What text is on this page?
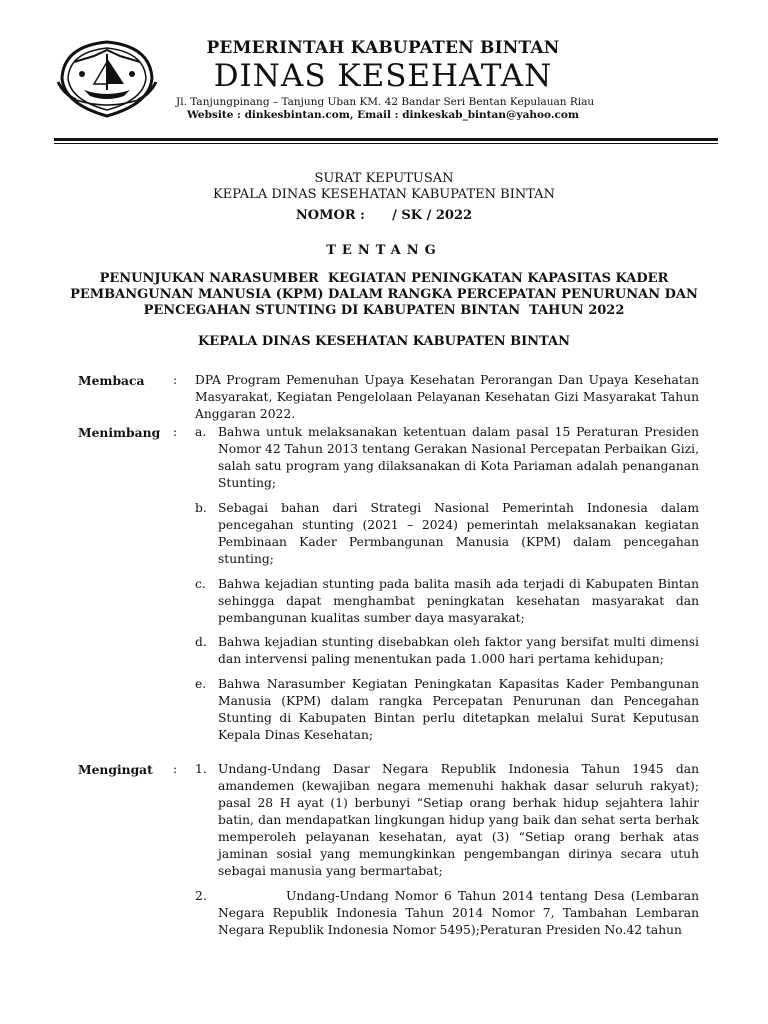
PEMERINTAH KABUPATEN BINTAN
DINAS KESEHATAN
Jl. Tanjungpinang – Tanjung Uban KM. 42 Bandar Seri Bentan Kepulauan Riau
Website : dinkesbintan.com, Email : dinkeskab_bintan@yahoo.com
SURAT KEPUTUSAN
KEPALA DINAS KESEHATAN KABUPATEN BINTAN
NOMOR :      / SK / 2022
TENTANG
PENUNJUKAN NARASUMBER  KEGIATAN PENINGKATAN KAPASITAS KADER
PEMBANGUNAN MANUSIA (KPM) DALAM RANGKA PERCEPATAN PENURUNAN DAN
PENCEGAHAN STUNTING DI KABUPATEN BINTAN  TAHUN 2022
KEPALA DINAS KESEHATAN KABUPATEN BINTAN
Membaca : DPA Program Pemenuhan Upaya Kesehatan Perorangan Dan Upaya Kesehatan Masyarakat, Kegiatan Pengelolaan Pelayanan Kesehatan Gizi Masyarakat Tahun Anggaran 2022.
Menimbang : a. Bahwa untuk melaksanakan ketentuan dalam pasal 15 Peraturan Presiden Nomor 42 Tahun 2013 tentang Gerakan Nasional Percepatan Perbaikan Gizi, salah satu program yang dilaksanakan di Kota Pariaman adalah penanganan Stunting;
b. Sebagai bahan dari Strategi Nasional Pemerintah Indonesia dalam pencegahan stunting (2021 – 2024) pemerintah melaksanakan kegiatan Pembinaan Kader Permbangunan Manusia (KPM) dalam pencegahan stunting;
c. Bahwa kejadian stunting pada balita masih ada terjadi di Kabupaten Bintan sehingga dapat menghambat peningkatan kesehatan masyarakat dan pembangunan kualitas sumber daya masyarakat;
d. Bahwa kejadian stunting disebabkan oleh faktor yang bersifat multi dimensi dan intervensi paling menentukan pada 1.000 hari pertama kehidupan;
e. Bahwa Narasumber Kegiatan Peningkatan Kapasitas Kader Pembangunan Manusia (KPM) dalam rangka Percepatan Penurunan dan Pencegahan Stunting di Kabupaten Bintan perlu ditetapkan melalui Surat Keputusan Kepala Dinas Kesehatan;
Mengingat : 1. Undang-Undang Dasar Negara Republik Indonesia Tahun 1945 dan amandemen (kewajiban negara memenuhi hakhak dasar seluruh rakyat); pasal 28 H ayat (1) berbunyi “Setiap orang berhak hidup sejahtera lahir batin, dan mendapatkan lingkungan hidup yang baik dan sehat serta berhak memperoleh pelayanan kesehatan, ayat (3) “Setiap orang berhak atas jaminan sosial yang memungkinkan pengembangan dirinya secara utuh sebagai manusia yang bermartabat;
2.	Undang-Undang Nomor 6 Tahun 2014 tentang Desa (Lembaran Negara Republik Indonesia Tahun 2014 Nomor 7, Tambahan Lembaran Negara Republik Indonesia Nomor 5495);Peraturan Presiden No.42 tahun
